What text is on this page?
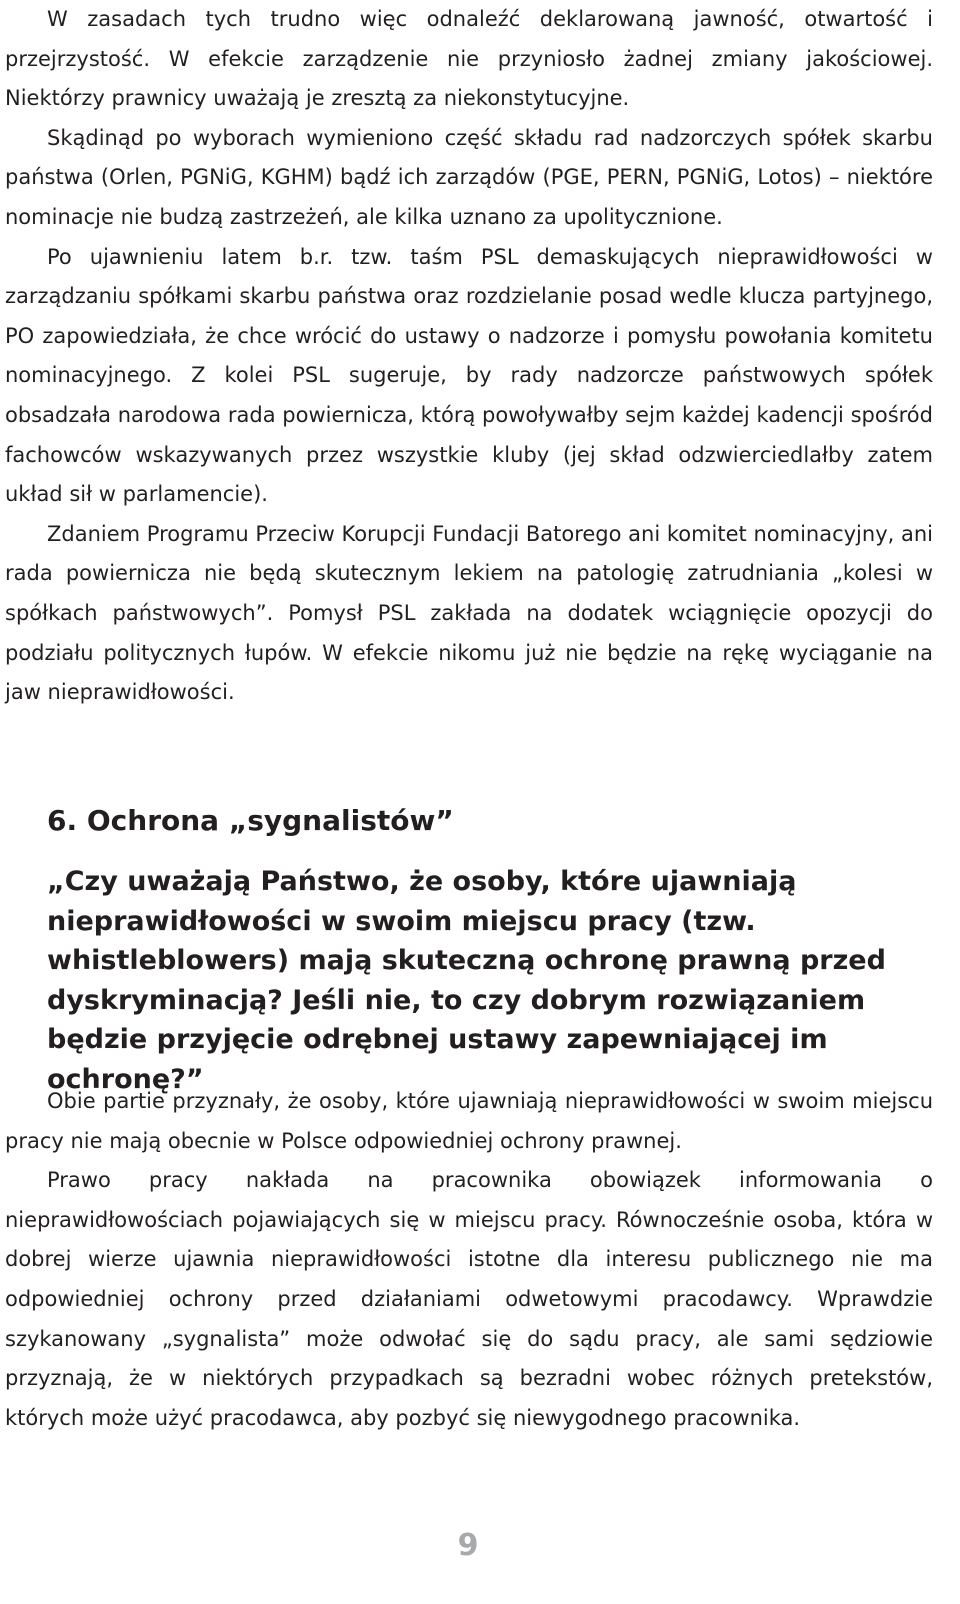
W zasadach tych trudno więc odnaleźć deklarowaną jawność, otwartość i przejrzystość. W efekcie zarządzenie nie przyniosło żadnej zmiany jakościowej. Niektórzy prawnicy uważają je zresztą za niekonstytucyjne.

Skądinąd po wyborach wymieniono część składu rad nadzorczych spółek skarbu państwa (Orlen, PGNiG, KGHM) bądź ich zarządów (PGE, PERN, PGNiG, Lotos) – niektóre nominacje nie budzą zastrzeżeń, ale kilka uznano za upolitycznione.

Po ujawnieniu latem b.r. tzw. taśm PSL demaskujących nieprawidłowości w zarządzaniu spółkami skarbu państwa oraz rozdzielanie posad wedle klucza partyjnego, PO zapowiedziała, że chce wrócić do ustawy o nadzorze i pomysłu powołania komitetu nominacyjnego. Z kolei PSL sugeruje, by rady nadzorcze państwowych spółek obsadzała narodowa rada powiernicza, którą powoływałby sejm każdej kadencji spośród fachowców wskazywanych przez wszystkie kluby (jej skład odzwierciedlałby zatem układ sił w parlamencie).

Zdaniem Programu Przeciw Korupcji Fundacji Batorego ani komitet nominacyjny, ani rada powiernicza nie będą skutecznym lekiem na patologię zatrudniania „kolesi w spółkach państwowych”. Pomysł PSL zakłada na dodatek wciągnięcie opozycji do podziału politycznych łupów. W efekcie nikomu już nie będzie na rękę wyciąganie na jaw nieprawidłowości.

6. Ochrona „sygnalistów”

„Czy uważają Państwo, że osoby, które ujawniają nieprawidłowości w swoim miejscu pracy (tzw. whistleblowers) mają skuteczną ochronę prawną przed dyskryminacją? Jeśli nie, to czy dobrym rozwiązaniem będzie przyjęcie odrębnej ustawy zapewniającej im ochronę?”

Obie partie przyznały, że osoby, które ujawniają nieprawidłowości w swoim miejscu pracy nie mają obecnie w Polsce odpowiedniej ochrony prawnej.

Prawo pracy nakłada na pracownika obowiązek informowania o nieprawidłowościach pojawiających się w miejscu pracy. Równocześnie osoba, która w dobrej wierze ujawnia nieprawidłowości istotne dla interesu publicznego nie ma odpowiedniej ochrony przed działaniami odwetowymi pracodawcy. Wprawdzie szykanowany „sygnalista” może odwołać się do sądu pracy, ale sami sędziowie przyznają, że w niektórych przypadkach są bezradni wobec różnych pretekstów, których może użyć pracodawca, aby pozbyć się niewygodnego pracownika.

9
